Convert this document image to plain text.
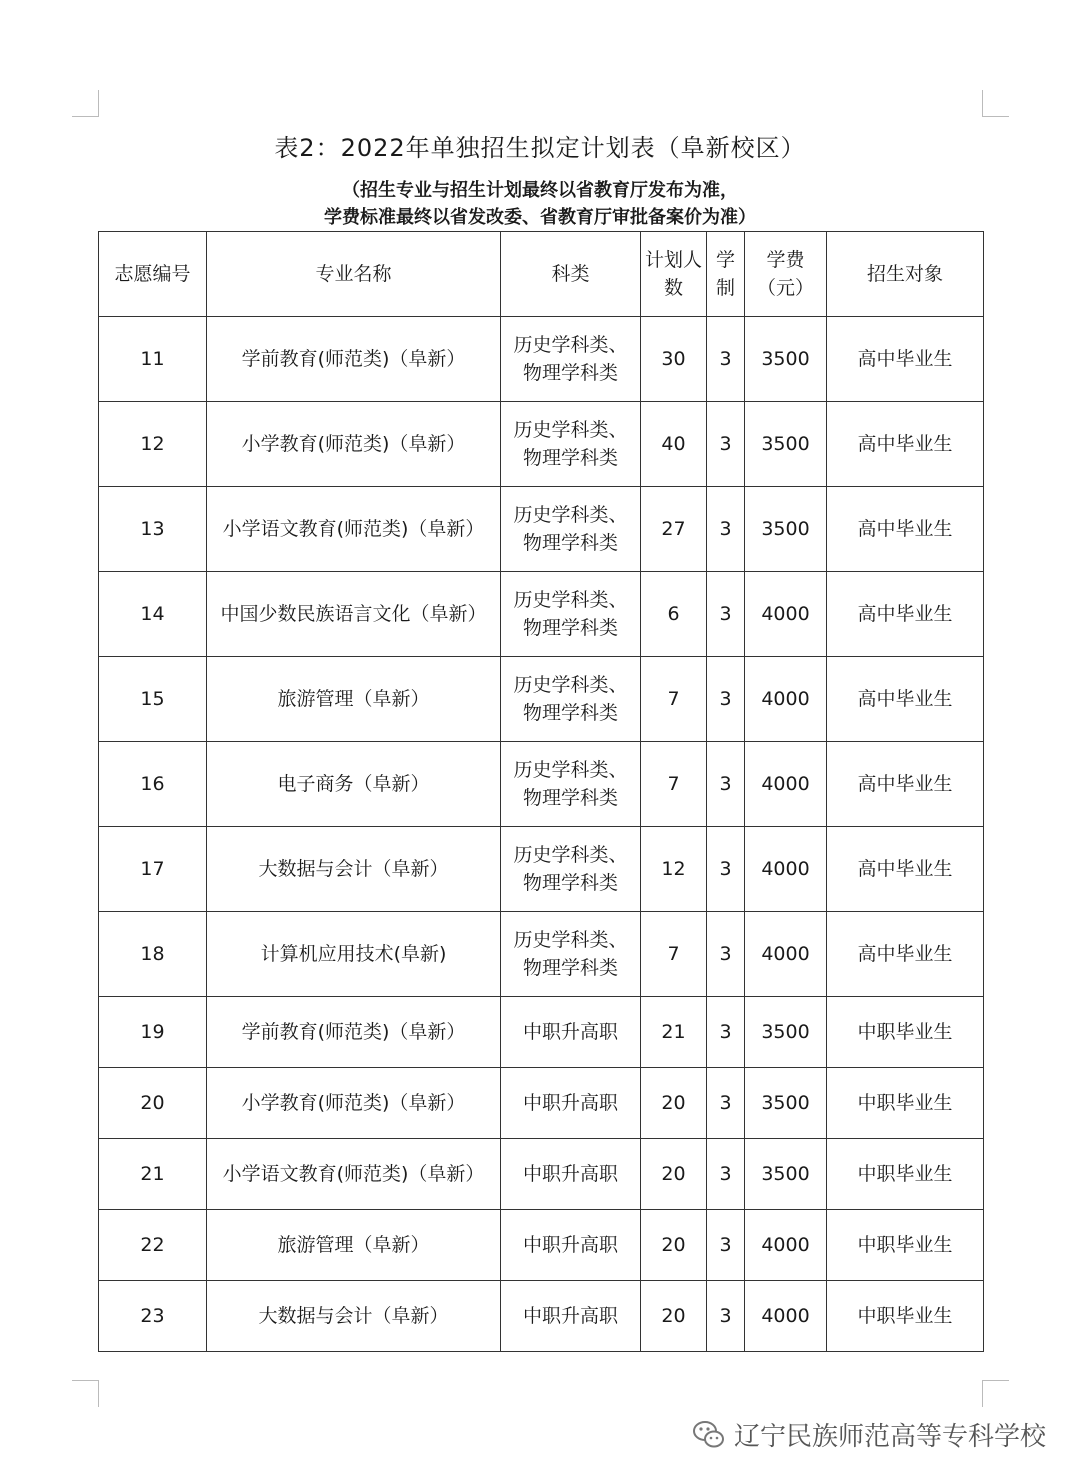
表2：2022年单独招生拟定计划表（阜新校区）
（招生专业与招生计划最终以省教育厅发布为准，
学费标准最终以省发改委、省教育厅审批备案价为准）
志愿编号	专业名称	科类	计划人数	学制	学费（元）	招生对象
11	学前教育(师范类)（阜新）	历史学科类、物理学科类	30	3	3500	高中毕业生
12	小学教育(师范类)（阜新）	历史学科类、物理学科类	40	3	3500	高中毕业生
13	小学语文教育(师范类)（阜新）	历史学科类、物理学科类	27	3	3500	高中毕业生
14	中国少数民族语言文化（阜新）	历史学科类、物理学科类	6	3	4000	高中毕业生
15	旅游管理（阜新）	历史学科类、物理学科类	7	3	4000	高中毕业生
16	电子商务（阜新）	历史学科类、物理学科类	7	3	4000	高中毕业生
17	大数据与会计（阜新）	历史学科类、物理学科类	12	3	4000	高中毕业生
18	计算机应用技术(阜新)	历史学科类、物理学科类	7	3	4000	高中毕业生
19	学前教育(师范类)（阜新）	中职升高职	21	3	3500	中职毕业生
20	小学教育(师范类)（阜新）	中职升高职	20	3	3500	中职毕业生
21	小学语文教育(师范类)（阜新）	中职升高职	20	3	3500	中职毕业生
22	旅游管理（阜新）	中职升高职	20	3	4000	中职毕业生
23	大数据与会计（阜新）	中职升高职	20	3	4000	中职毕业生
辽宁民族师范高等专科学校
